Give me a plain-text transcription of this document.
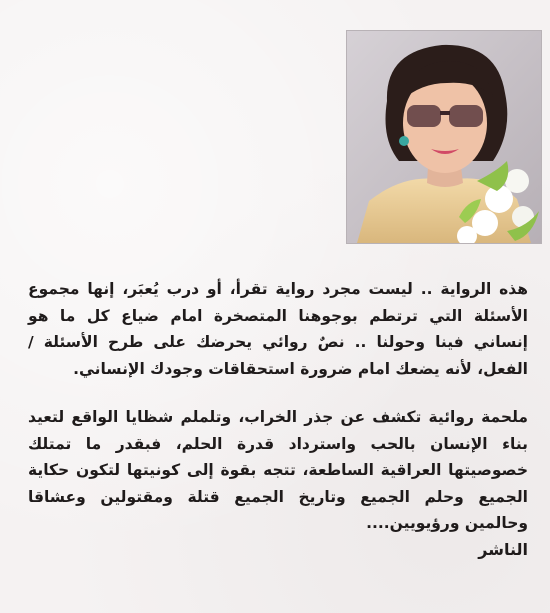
هذه الرواية .. ليست مجرد رواية تقرأ، أو درب يُعبَر، إنها مجموع الأسئلة التي ترتطم بوجوهنا المتصخرة امام ضياع كل ما هو إنساني فينا وحولنا .. نصٌ روائي يحرضك على طرح الأسئلة / الفعل، لأنه يضعك امام ضرورة استحقاقات وجودك الإنساني.
ملحمة روائية تكشف عن جذر الخراب، وتلملم شظايا الواقع لتعيد بناء الإنسان بالحب واسترداد قدرة الحلم، فبقدر ما تمتلك خصوصيتها العراقية الساطعة، تتجه بقوة إلى كونيتها لتكون حكاية الجميع وحلم الجميع وتاريخ الجميع قتلة ومقتولين وعشاقا وحالمين ورؤيويين....
الناشر
